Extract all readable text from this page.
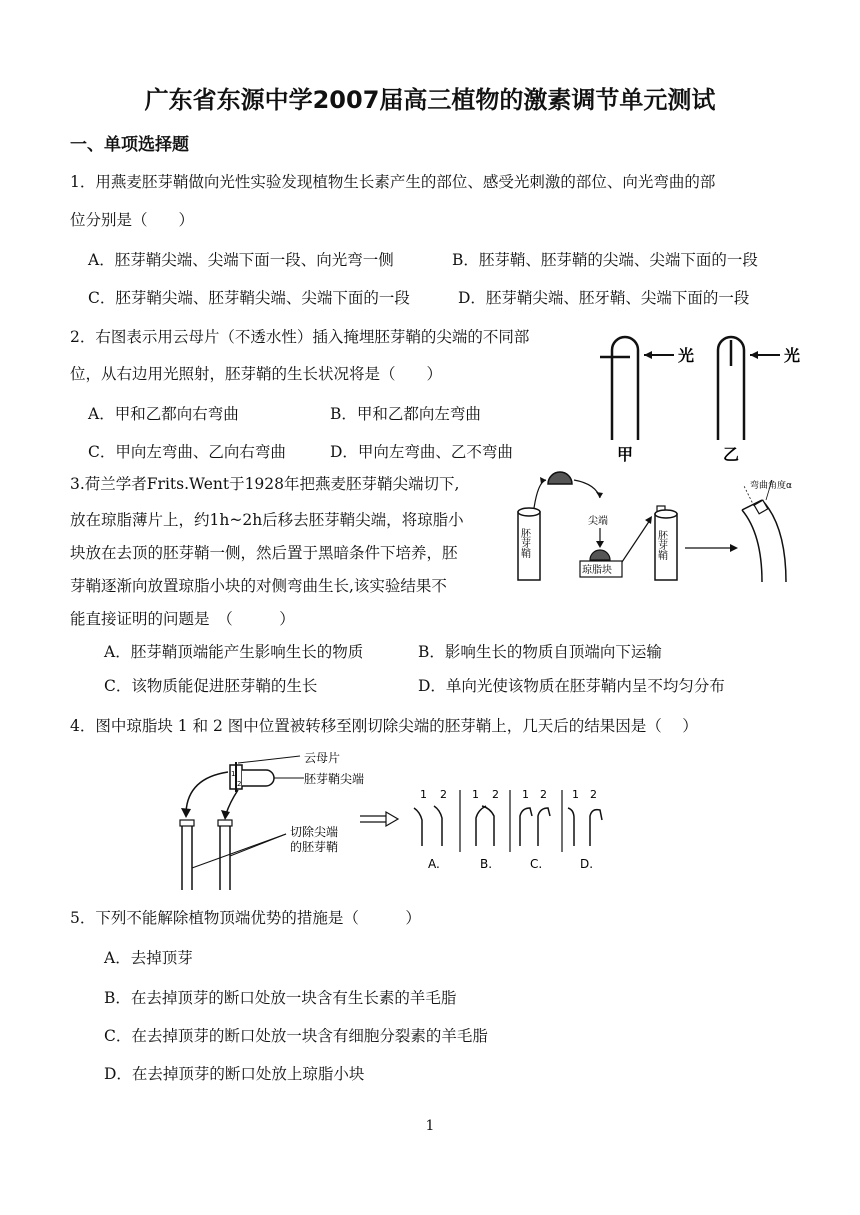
广东省东源中学2007届高三植物的激素调节单元测试
一、单项选择题
1．用燕麦胚芽鞘做向光性实验发现植物生长素产生的部位、感受光刺激的部位、向光弯曲的部
位分别是（　　）
A．胚芽鞘尖端、尖端下面一段、向光弯一侧	B．胚芽鞘、胚芽鞘的尖端、尖端下面的一段
C．胚芽鞘尖端、胚芽鞘尖端、尖端下面的一段	D．胚芽鞘尖端、胚牙鞘、尖端下面的一段
2．右图表示用云母片（不透水性）插入掩埋胚芽鞘的尖端的不同部
位，从右边用光照射，胚芽鞘的生长状况将是（　　）
A．甲和乙都向右弯曲	B．甲和乙都向左弯曲
C．甲向左弯曲、乙向右弯曲	D．甲向左弯曲、乙不弯曲
光
甲
光
乙
3.荷兰学者Frits.Went于1928年把燕麦胚芽鞘尖端切下,
放在琼脂薄片上，约1h~2h后移去胚芽鞘尖端，将琼脂小
块放在去顶的胚芽鞘一侧，然后置于黑暗条件下培养，胚
芽鞘逐渐向放置琼脂小块的对侧弯曲生长,该实验结果不
能直接证明的问题是　（　　　）
A．胚芽鞘顶端能产生影响生长的物质	B．影响生长的物质自顶端向下运输
C．该物质能促进胚芽鞘的生长	D．单向光使该物质在胚芽鞘内呈不均匀分布
胚芽鞘
尖端
琼脂块
胚芽鞘
弯曲角度α
4．图中琼脂块 1 和 2 图中位置被转移至刚切除尖端的胚芽鞘上，几天后的结果因是（　 ）
1
2
云母片
胚芽鞘尖端
切除尖端
的胚芽鞘
1 2
A.
1 2
B.
1 2
C.
1 2
D.
5．下列不能解除植物顶端优势的措施是（　　　）
A．去掉顶芽
B．在去掉顶芽的断口处放一块含有生长素的羊毛脂
C．在去掉顶芽的断口处放一块含有细胞分裂素的羊毛脂
D．在去掉顶芽的断口处放上琼脂小块
1
